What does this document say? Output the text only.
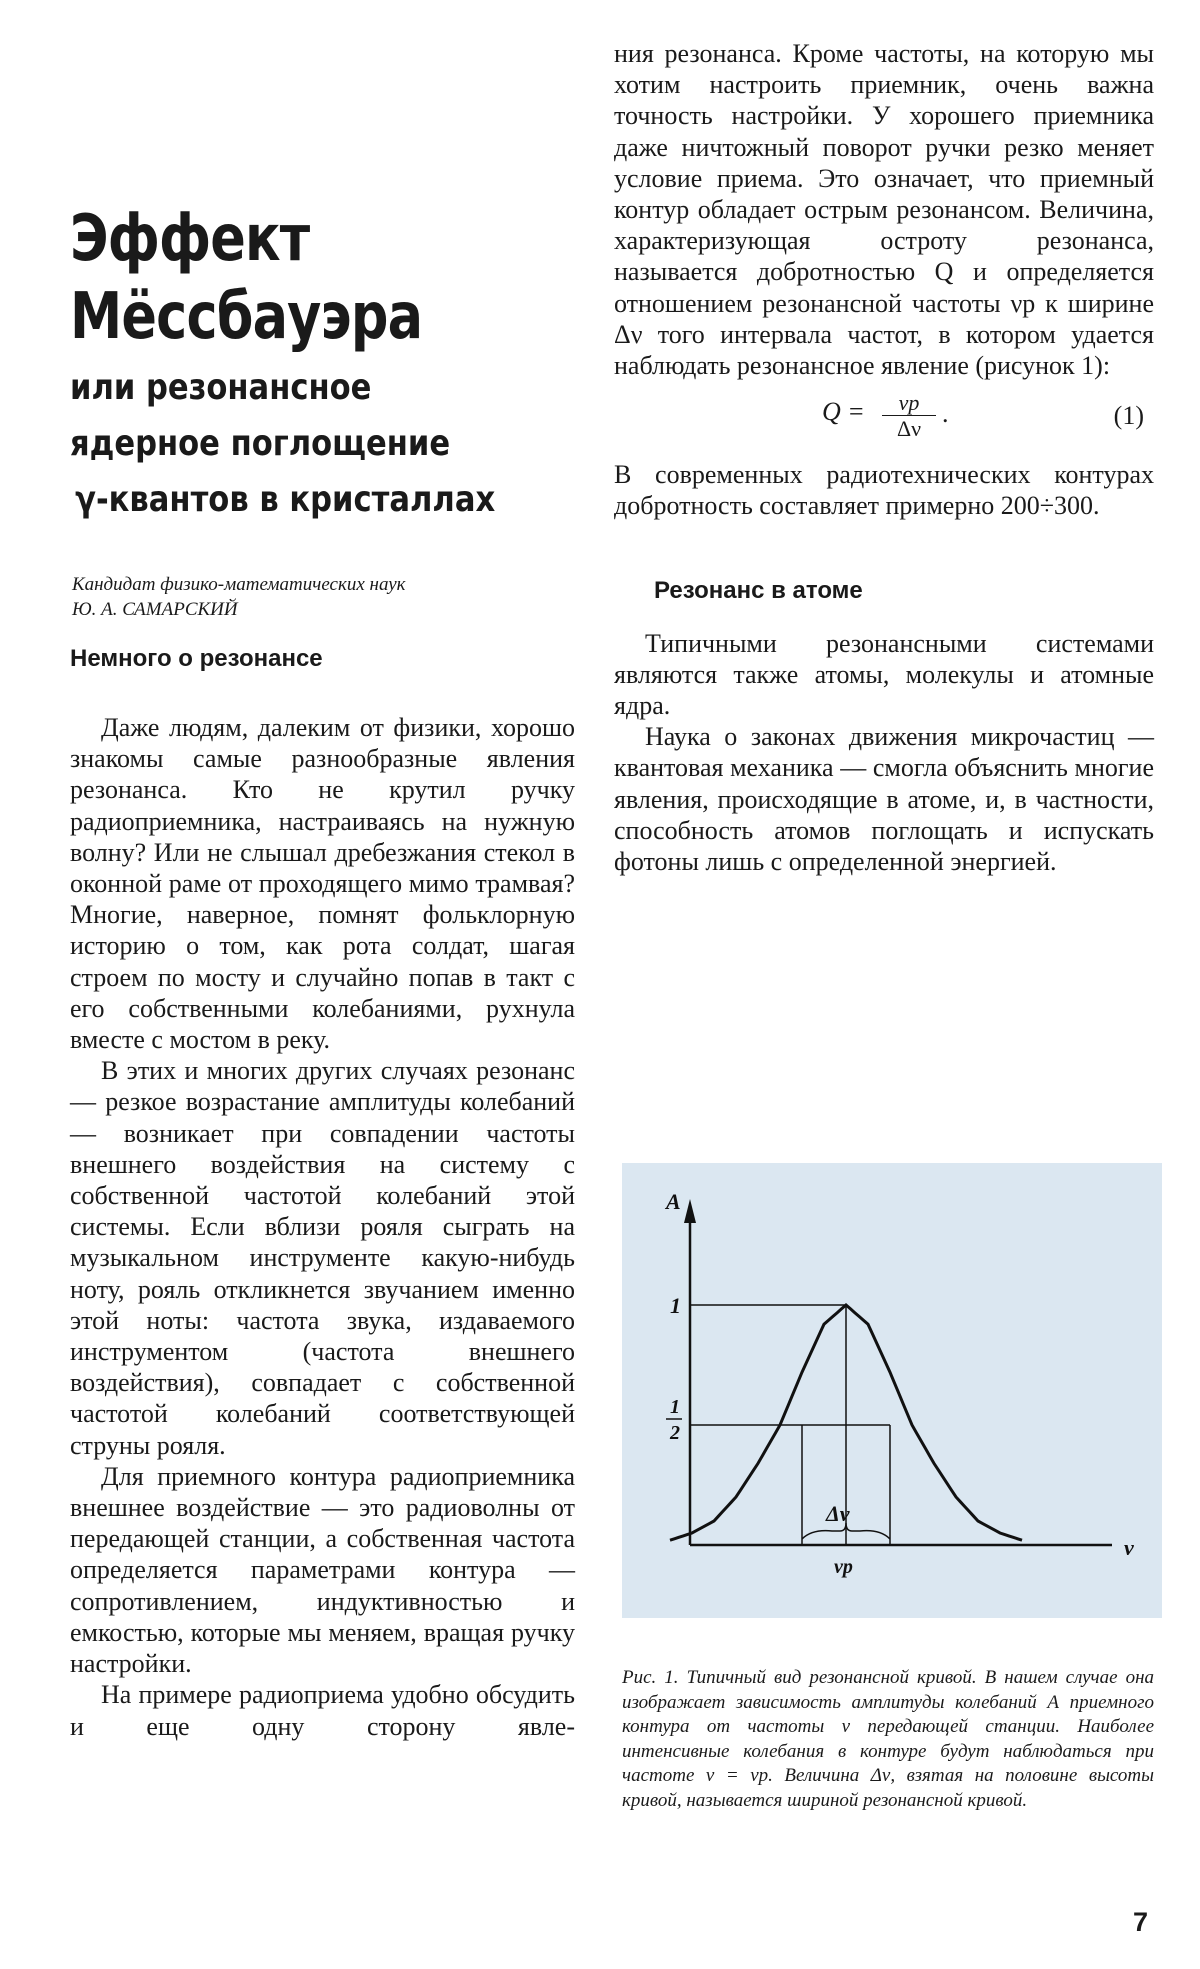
Эффект
Мёссбауэра
или резонансное
ядерное поглощение
γ-квантов в кристаллах
Кандидат физико-математических наук
Ю. А. САМАРСКИЙ
Немного о резонансе

Даже людям, далеким от физики, хорошо знакомы самые разнообразные явления резонанса. Кто не крутил ручку радиоприемника, настраиваясь на нужную волну? Или не слышал дребезжания стекол в оконной раме от проходящего мимо трамвая? Многие, наверное, помнят фольклорную историю о том, как рота солдат, шагая строем по мосту и случайно попав в такт с его собственными колебаниями, рухнула вместе с мостом в реку.

В этих и многих других случаях резонанс — резкое возрастание амплитуды колебаний — возникает при совпадении частоты внешнего воздействия на систему с собственной частотой колебаний этой системы. Если вблизи рояля сыграть на музыкальном инструменте какую-нибудь ноту, рояль откликнется звучанием именно этой ноты: частота звука, издаваемого инструментом (частота внешнего воздействия), совпадает с собственной частотой колебаний соответствующей струны рояля.

Для приемного контура радиоприемника внешнее воздействие — это радиоволны от передающей станции, а собственная частота определяется параметрами контура — сопротивлением, индуктивностью и емкостью, которые мы меняем, вращая ручку настройки.

На примере радиоприема удобно обсудить и еще одну сторону явле-

ния резонанса. Кроме частоты, на которую мы хотим настроить приемник, очень важна точность настройки. У хорошего приемника даже ничтожный поворот ручки резко меняет условие приема. Это означает, что приемный контур обладает острым резонансом. Величина, характеризующая остроту резонанса, называется добротностью Q и определяется отношением резонансной частоты νр к ширине Δν того интервала частот, в котором удается наблюдать резонансное явление (рисунок 1):

Q =	νр
Δν
.	(1)

В современных радиотехнических контурах добротность составляет примерно 200÷300.

Резонанс в атоме

Типичными резонансными системами являются также атомы, молекулы и атомные ядра.

Наука о законах движения микрочастиц — квантовая механика — смогла объяснить многие явления, происходящие в атоме, и, в частности, способность атомов поглощать и испускать фотоны лишь с определенной энергией.

A
ν
1
1
2
Δν
νр
Рис. 1. Типичный вид резонансной кривой. В нашем случае она изображает зависимость амплитуды колебаний А приемного контура от частоты ν передающей станции. Наиболее интенсивные колебания в контуре будут наблюдаться при частоте ν = νр. Величина Δν, взятая на половине высоты кривой, называется шириной резонансной кривой.
7
